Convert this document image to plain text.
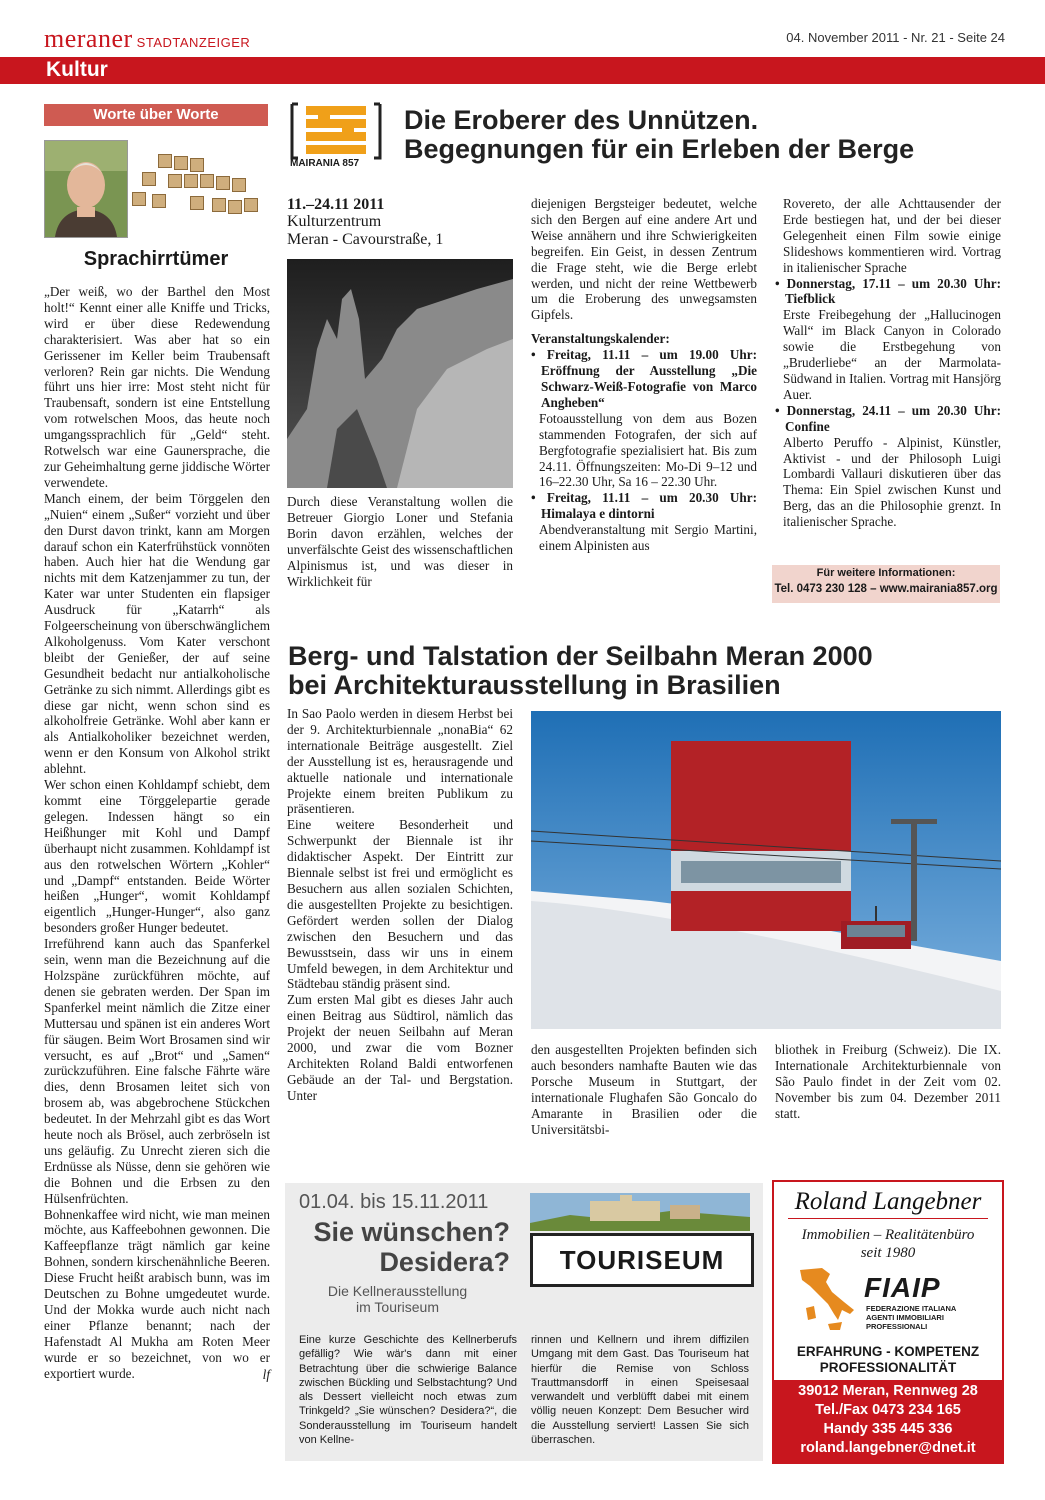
meraner STADTANZEIGER	04. November 2011 - Nr. 21 - Seite 24
Kultur
Worte über Worte
Sprachirrtümer

„Der weiß, wo der Barthel den Most holt!“ Kennt einer alle Kniffe und Tricks, wird er über diese Redewendung charakterisiert. Was aber hat so ein Gerissener im Keller beim Traubensaft verloren? Rein gar nichts. Die Wendung führt uns hier irre: Most steht nicht für Traubensaft, sondern ist eine Entstellung vom rotwelschen Moos, das heute noch umgangssprachlich für „Geld“ steht. Rotwelsch war eine Gaunersprache, die zur Geheimhaltung gerne jiddische Wörter verwendete.

Manch einem, der beim Törggelen den „Nuien“ einem „Sußer“ vorzieht und über den Durst davon trinkt, kann am Morgen darauf schon ein Katerfrühstück vonnöten haben. Auch hier hat die Wendung gar nichts mit dem Katzenjammer zu tun, der Kater war unter Studenten ein flapsiger Ausdruck für „Katarrh“ als Folgeerscheinung von überschwänglichem Alkoholgenuss. Vom Kater verschont bleibt der Genießer, der auf seine Gesundheit bedacht nur antialkoholische Getränke zu sich nimmt. Allerdings gibt es diese gar nicht, wenn schon sind es alkoholfreie Getränke. Wohl aber kann er als Antialkoholiker bezeichnet werden, wenn er den Konsum von Alkohol strikt ablehnt.

Wer schon einen Kohldampf schiebt, dem kommt eine Törggelepartie gerade gelegen. Indessen hängt so ein Heißhunger mit Kohl und Dampf überhaupt nicht zusammen. Kohldampf ist aus den rotwelschen Wörtern „Kohler“ und „Dampf“ entstanden. Beide Wörter heißen „Hunger“, womit Kohldampf eigentlich „Hunger-Hunger“, also ganz besonders großer Hunger bedeutet.

Irreführend kann auch das Spanferkel sein, wenn man die Bezeichnung auf die Holzspäne zurückführen möchte, auf denen sie gebraten werden. Der Span im Spanferkel meint nämlich die Zitze einer Muttersau und spänen ist ein anderes Wort für säugen. Beim Wort Brosamen sind wir versucht, es auf „Brot“ und „Samen“ zurückzuführen. Eine falsche Fährte wäre dies, denn Brosamen leitet sich von brosem ab, was abgebrochene Stückchen bedeutet. In der Mehrzahl gibt es das Wort heute noch als Brösel, auch zerbröseln ist uns geläufig. Zu Unrecht zieren sich die Erdnüsse als Nüsse, denn sie gehören wie die Bohnen und die Erbsen zu den Hülsenfrüchten.

Bohnenkaffee wird nicht, wie man meinen möchte, aus Kaffeebohnen gewonnen. Die Kaffeepflanze trägt nämlich gar keine Bohnen, sondern kirschenähnliche Beeren. Diese Frucht heißt arabisch bunn, was im Deutschen zu Bohne umgedeutet wurde. Und der Mokka wurde auch nicht nach einer Pflanze benannt; nach der Hafenstadt Al Mukha am Roten Meer wurde er so bezeichnet, von wo er exportiert wurde.	lf
MAIRANIA 857
Die Eroberer des Unnützen.
Begegnungen für ein Erleben der Berge
11.–24.11 2011
Kulturzentrum
Meran - Cavourstraße, 1

Durch diese Veranstaltung wollen die Betreuer Giorgio Loner und Stefania Borin davon erzählen, welches der unverfälschte Geist des wissenschaftlichen Alpinismus ist, und was dieser in Wirklichkeit für

diejenigen Bergsteiger bedeutet, welche sich den Bergen auf eine andere Art und Weise annähern und ihre Schwierigkeiten begreifen. Ein Geist, in dessen Zentrum die Frage steht, wie die Berge erlebt werden, und nicht der reine Wettbewerb um die Eroberung des unwegsamsten Gipfels.

Veranstaltungskalender:

• Freitag, 11.11 – um 19.00 Uhr: Eröffnung der Ausstellung „Die Schwarz-Weiß-Fotografie von Marco Angheben“

Fotoausstellung von dem aus Bozen stammenden Fotografen, der sich auf Bergfotografie spezialisiert hat. Bis zum 24.11. Öffnungszeiten: Mo-Di 9–12 und 16–22.30 Uhr, Sa 16 – 22.30 Uhr.

• Freitag, 11.11 – um 20.30 Uhr: Himalaya e dintorni

Abendveranstaltung mit Sergio Martini, einem Alpinisten aus

Rovereto, der alle Achttausender der Erde bestiegen hat, und der bei dieser Gelegenheit einen Film sowie einige Slideshows kommentieren wird. Vortrag in italienischer Sprache

• Donnerstag, 17.11 – um 20.30 Uhr: Tiefblick

Erste Freibegehung der „Hallucinogen Wall“ im Black Canyon in Colorado sowie die Erstbegehung von „Bruderliebe“ an der Marmolata-Südwand in Italien. Vortrag mit Hansjörg Auer.

• Donnerstag, 24.11 – um 20.30 Uhr: Confine

Alberto Peruffo - Alpinist, Künstler, Aktivist - und der Philosoph Luigi Lombardi Vallauri diskutieren über das Thema: Ein Spiel zwischen Kunst und Berg, das an die Philosophie grenzt. In italienischer Sprache.

Für weitere Informationen:
Tel. 0473 230 128 – www.mairania857.org
Berg- und Talstation der Seilbahn Meran 2000
bei Architekturausstellung in Brasilien

In Sao Paolo werden in diesem Herbst bei der 9. Architekturbiennale „nonaBia“ 62 internationale Beiträge ausgestellt. Ziel der Ausstellung ist es, herausragende und aktuelle nationale und internationale Projekte einem breiten Publikum zu präsentieren.

Eine weitere Besonderheit und Schwerpunkt der Biennale ist ihr didaktischer Aspekt. Der Eintritt zur Biennale selbst ist frei und ermöglicht es Besuchern aus allen sozialen Schichten, die ausgestellten Projekte zu besichtigen. Gefördert werden sollen der Dialog zwischen den Besuchern und das Bewusstsein, dass wir uns in einem Umfeld bewegen, in dem Architektur und Städtebau ständig präsent sind.

Zum ersten Mal gibt es dieses Jahr auch einen Beitrag aus Südtirol, nämlich das Projekt der neuen Seilbahn auf Meran 2000, und zwar die vom Bozner Architekten Roland Baldi entworfenen Gebäude an der Tal- und Bergstation. Unter

den ausgestellten Projekten befinden sich auch besonders namhafte Bauten wie das Porsche Museum in Stuttgart, der internationale Flughafen São Goncalo do Amarante in Brasilien oder die Universitätsbi-

bliothek in Freiburg (Schweiz). Die IX. Internationale Architekturbiennale von São Paulo findet in der Zeit vom 02. November bis zum 04. Dezember 2011 statt.

01.04. bis 15.11.2011
Sie wünschen?
Desidera?
Die Kellnerausstellung
im Touriseum
TOURISEUM
Eine kurze Geschichte des Kellnerberufs gefällig? Wie wär's dann mit einer Betrachtung über die schwierige Balance zwischen Bückling und Selbstachtung? Und als Dessert vielleicht noch etwas zum Trinkgeld? „Sie wünschen? Desidera?“, die Sonderausstellung im Touriseum handelt von Kellne-
rinnen und Kellnern und ihrem diffizilen Umgang mit dem Gast. Das Touriseum hat hierfür die Remise von Schloss Trauttmansdorff in einen Speisesaal verwandelt und verblüfft dabei mit einem völlig neuen Konzept: Dem Besucher wird die Ausstellung serviert! Lassen Sie sich überraschen.
Roland Langebner
Immobilien – Realitätenbüro
seit 1980
FIAIP
FEDERAZIONE ITALIANA
AGENTI IMMOBILIARI
PROFESSIONALI
ERFAHRUNG - KOMPETENZ
PROFESSIONALITÄT
39012 Meran, Rennweg 28
Tel./Fax 0473 234 165
Handy 335 445 336
roland.langebner@dnet.it
